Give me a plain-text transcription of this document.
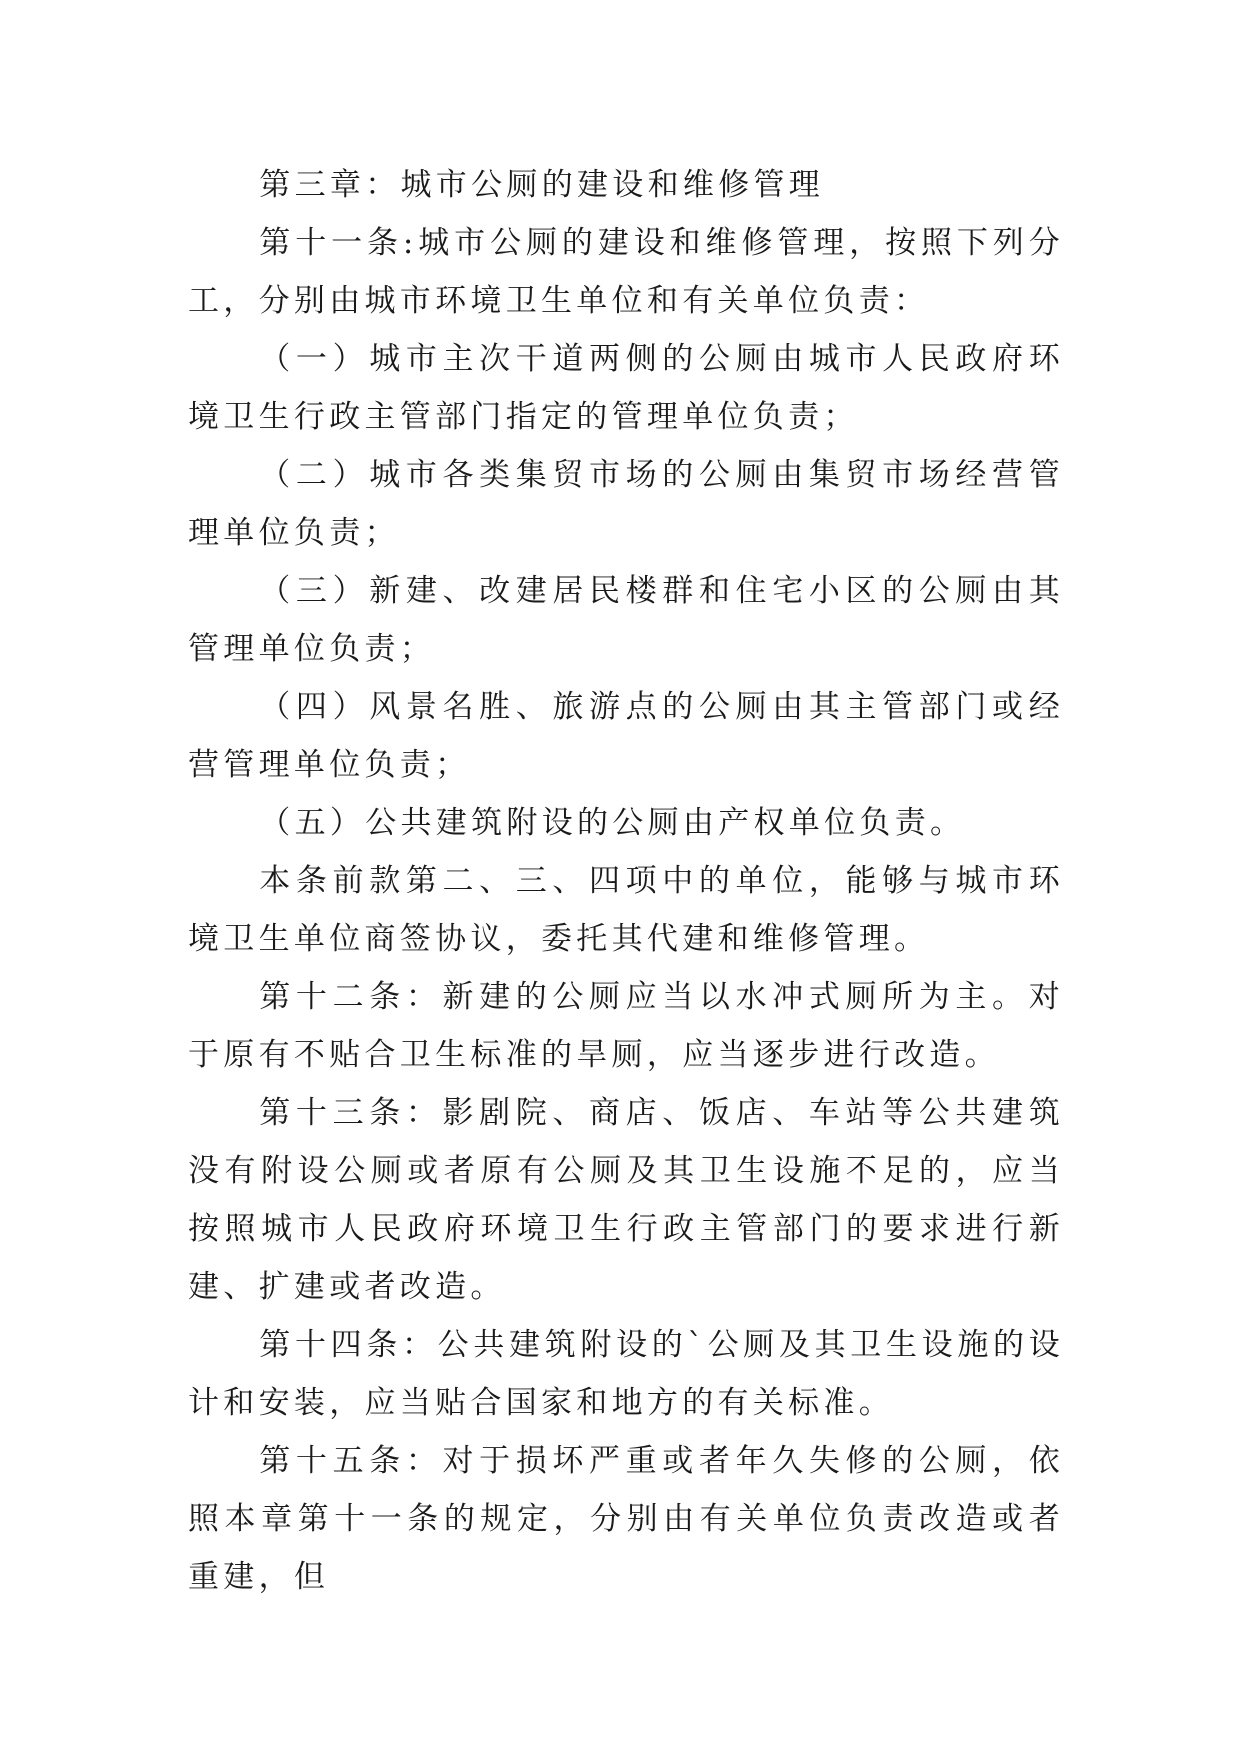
第三章：城市公厕的建设和维修管理

第十一条:城市公厕的建设和维修管理，按照下列分工，分别由城市环境卫生单位和有关单位负责：

（一）城市主次干道两侧的公厕由城市人民政府环境卫生行政主管部门指定的管理单位负责；

（二）城市各类集贸市场的公厕由集贸市场经营管理单位负责；

（三）新建、改建居民楼群和住宅小区的公厕由其管理单位负责；

（四）风景名胜、旅游点的公厕由其主管部门或经营管理单位负责；

（五）公共建筑附设的公厕由产权单位负责。

本条前款第二、三、四项中的单位，能够与城市环境卫生单位商签协议，委托其代建和维修管理。

第十二条：新建的公厕应当以水冲式厕所为主。对于原有不贴合卫生标准的旱厕，应当逐步进行改造。

第十三条：影剧院、商店、饭店、车站等公共建筑没有附设公厕或者原有公厕及其卫生设施不足的，应当按照城市人民政府环境卫生行政主管部门的要求进行新建、扩建或者改造。

第十四条：公共建筑附设的`公厕及其卫生设施的设计和安装，应当贴合国家和地方的有关标准。

第十五条：对于损坏严重或者年久失修的公厕，依照本章第十一条的规定，分别由有关单位负责改造或者重建，但
